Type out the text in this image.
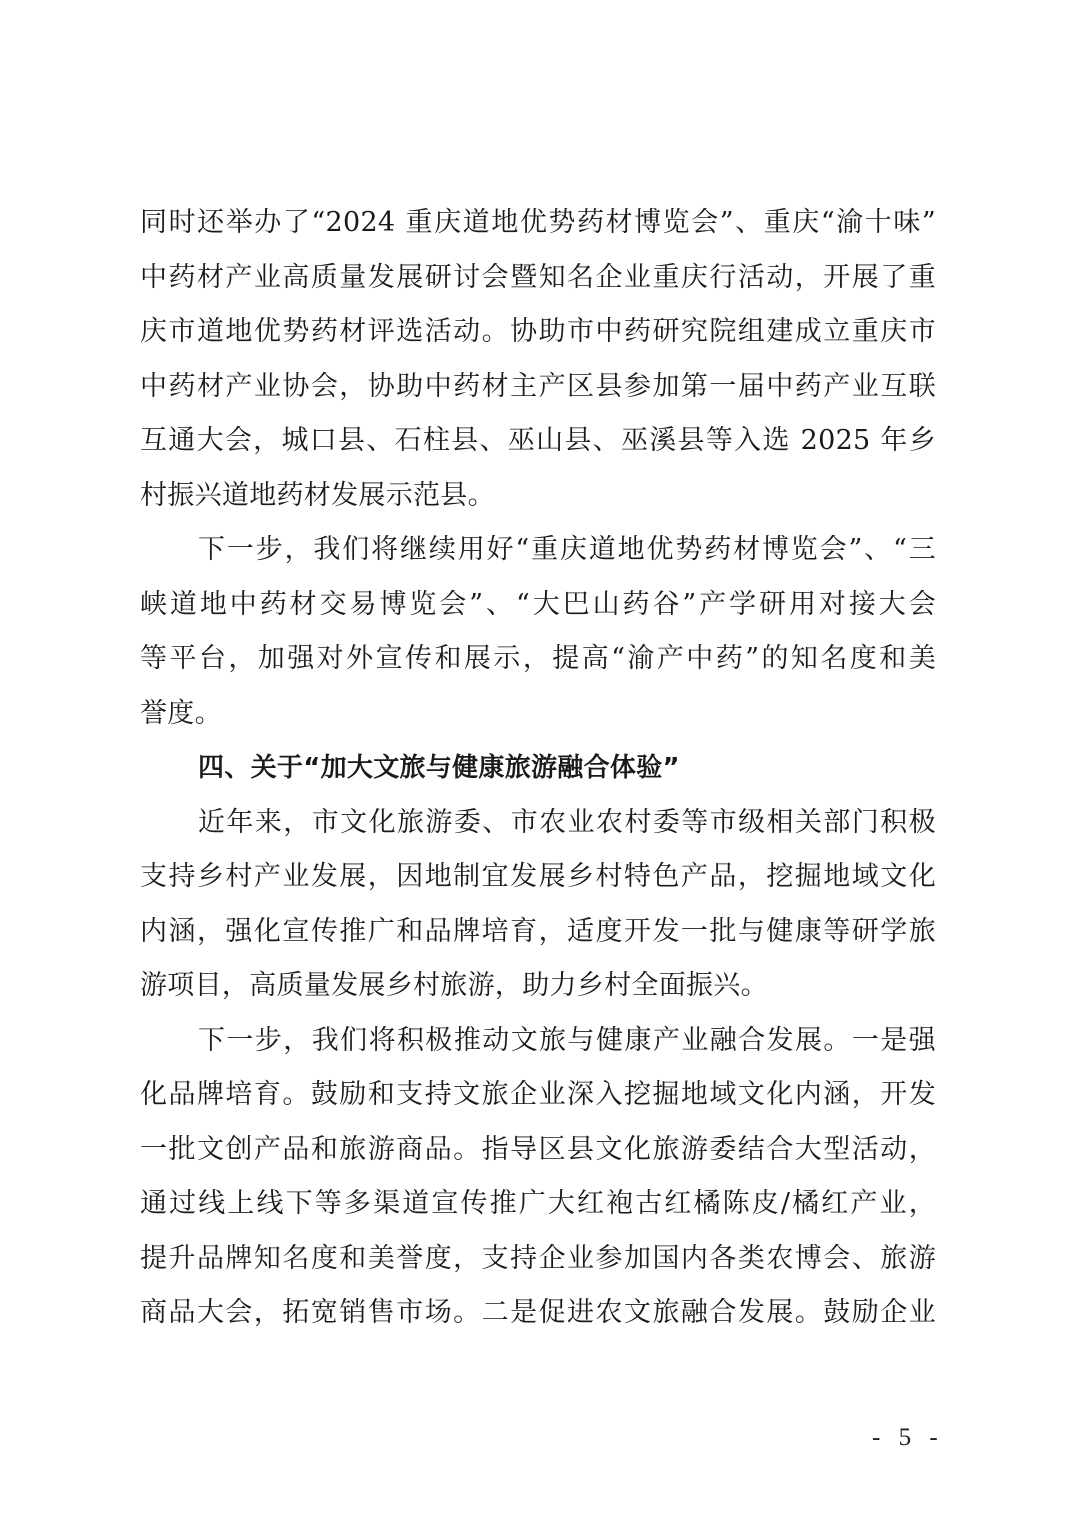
同时还举办了“2024 重庆道地优势药材博览会”、重庆“渝十味”
中药材产业高质量发展研讨会暨知名企业重庆行活动，开展了重
庆市道地优势药材评选活动。协助市中药研究院组建成立重庆市
中药材产业协会，协助中药材主产区县参加第一届中药产业互联
互通大会，城口县、石柱县、巫山县、巫溪县等入选 2025 年乡
村振兴道地药材发展示范县。
下一步，我们将继续用好“重庆道地优势药材博览会”、“三
峡道地中药材交易博览会”、“大巴山药谷”产学研用对接大会
等平台，加强对外宣传和展示，提高“渝产中药”的知名度和美
誉度。
四、关于“加大文旅与健康旅游融合体验”
近年来，市文化旅游委、市农业农村委等市级相关部门积极
支持乡村产业发展，因地制宜发展乡村特色产品，挖掘地域文化
内涵，强化宣传推广和品牌培育，适度开发一批与健康等研学旅
游项目，高质量发展乡村旅游，助力乡村全面振兴。
下一步，我们将积极推动文旅与健康产业融合发展。一是强
化品牌培育。鼓励和支持文旅企业深入挖掘地域文化内涵，开发
一批文创产品和旅游商品。指导区县文化旅游委结合大型活动，
通过线上线下等多渠道宣传推广大红袍古红橘陈皮/橘红产业，
提升品牌知名度和美誉度，支持企业参加国内各类农博会、旅游
商品大会，拓宽销售市场。二是促进农文旅融合发展。鼓励企业
- 5 -
